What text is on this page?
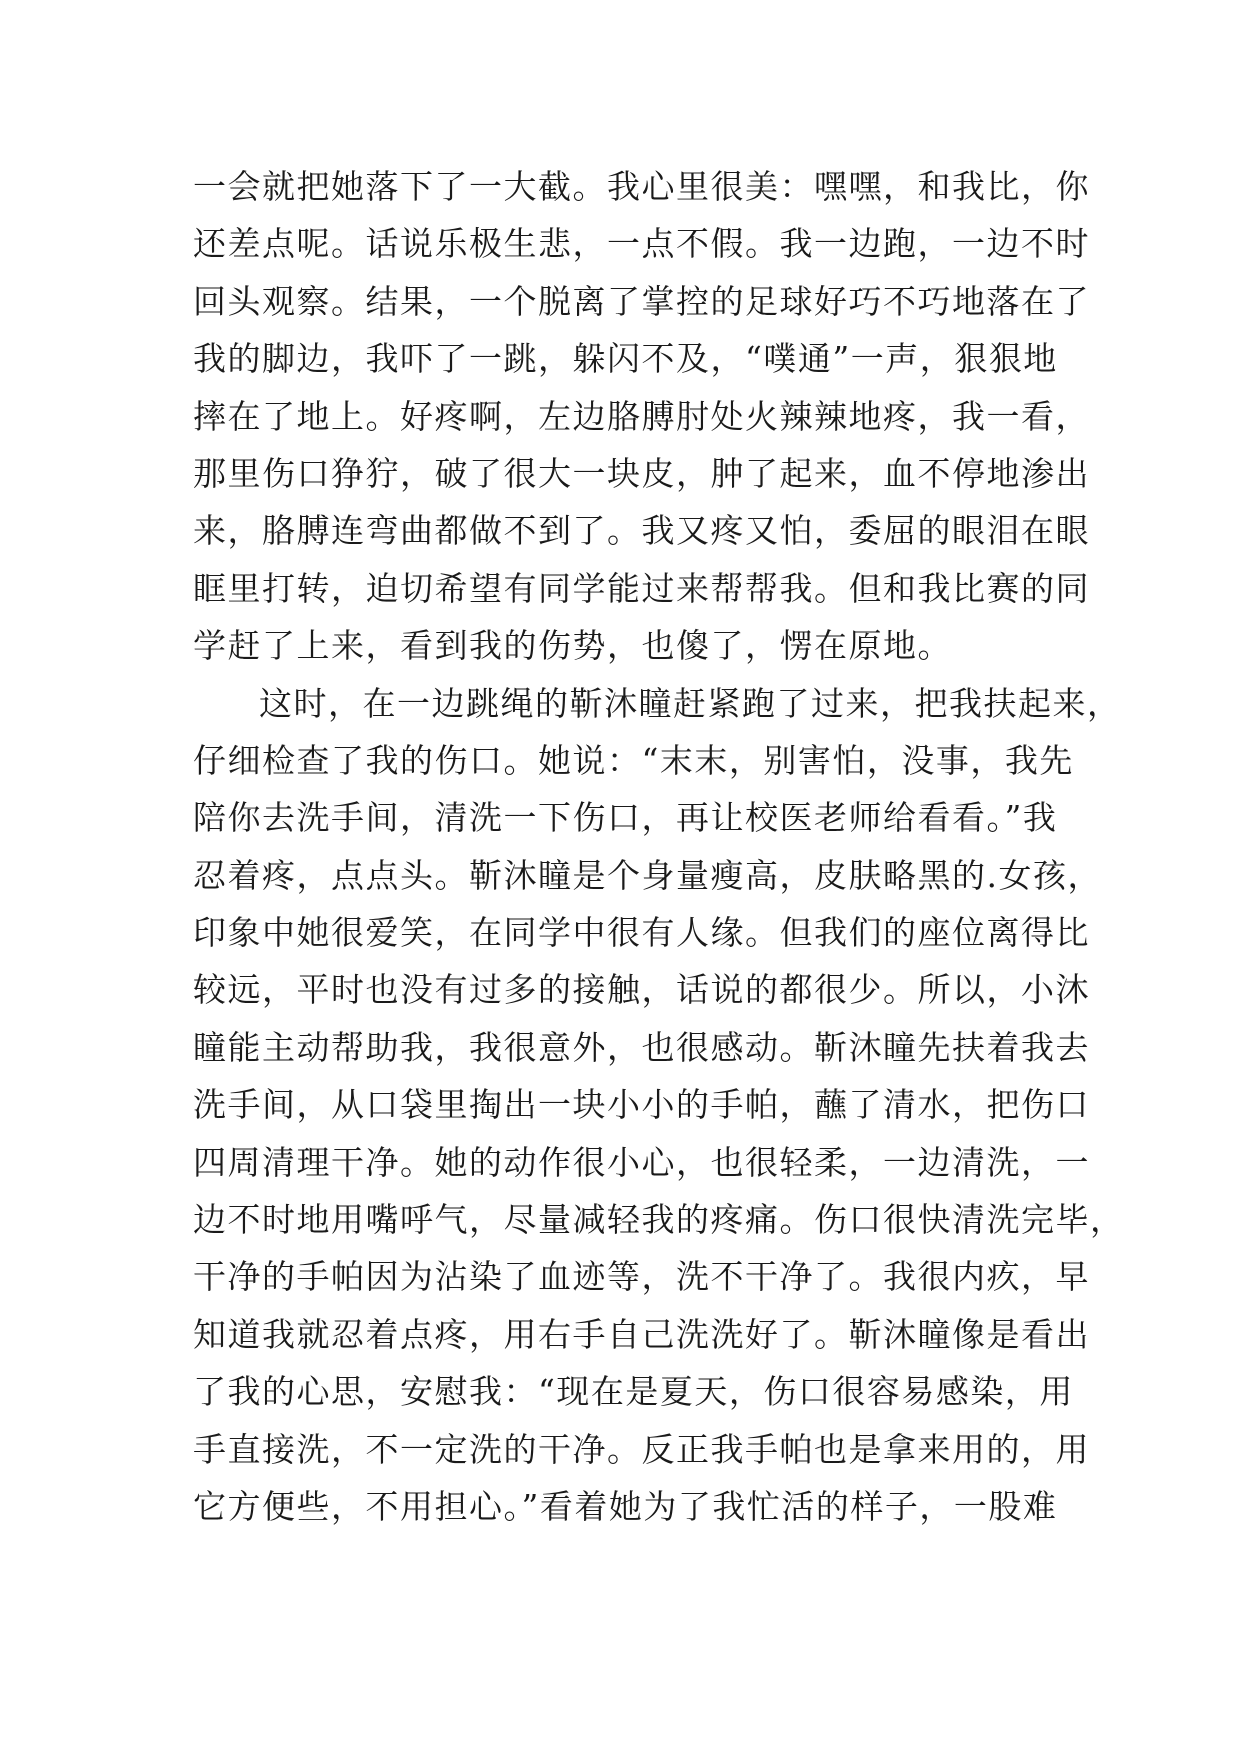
一会就把她落下了一大截。我心里很美：嘿嘿，和我比，你
还差点呢。话说乐极生悲，一点不假。我一边跑，一边不时
回头观察。结果，一个脱离了掌控的足球好巧不巧地落在了
我的脚边，我吓了一跳，躲闪不及，“噗通”一声，狠狠地
摔在了地上。好疼啊，左边胳膊肘处火辣辣地疼，我一看，
那里伤口狰狞，破了很大一块皮，肿了起来，血不停地渗出
来，胳膊连弯曲都做不到了。我又疼又怕，委屈的眼泪在眼
眶里打转，迫切希望有同学能过来帮帮我。但和我比赛的同
学赶了上来，看到我的伤势，也傻了，愣在原地。
这时，在一边跳绳的靳沐瞳赶紧跑了过来，把我扶起来，
仔细检查了我的伤口。她说：“末末，别害怕，没事，我先
陪你去洗手间，清洗一下伤口，再让校医老师给看看。”我
忍着疼，点点头。靳沐瞳是个身量瘦高，皮肤略黑的.女孩，
印象中她很爱笑，在同学中很有人缘。但我们的座位离得比
较远，平时也没有过多的接触，话说的都很少。所以，小沐
瞳能主动帮助我，我很意外，也很感动。靳沐瞳先扶着我去
洗手间，从口袋里掏出一块小小的手帕，蘸了清水，把伤口
四周清理干净。她的动作很小心，也很轻柔，一边清洗，一
边不时地用嘴呼气，尽量减轻我的疼痛。伤口很快清洗完毕，
干净的手帕因为沾染了血迹等，洗不干净了。我很内疚，早
知道我就忍着点疼，用右手自己洗洗好了。靳沐瞳像是看出
了我的心思，安慰我：“现在是夏天，伤口很容易感染，用
手直接洗，不一定洗的干净。反正我手帕也是拿来用的，用
它方便些，不用担心。”看着她为了我忙活的样子，一股难
